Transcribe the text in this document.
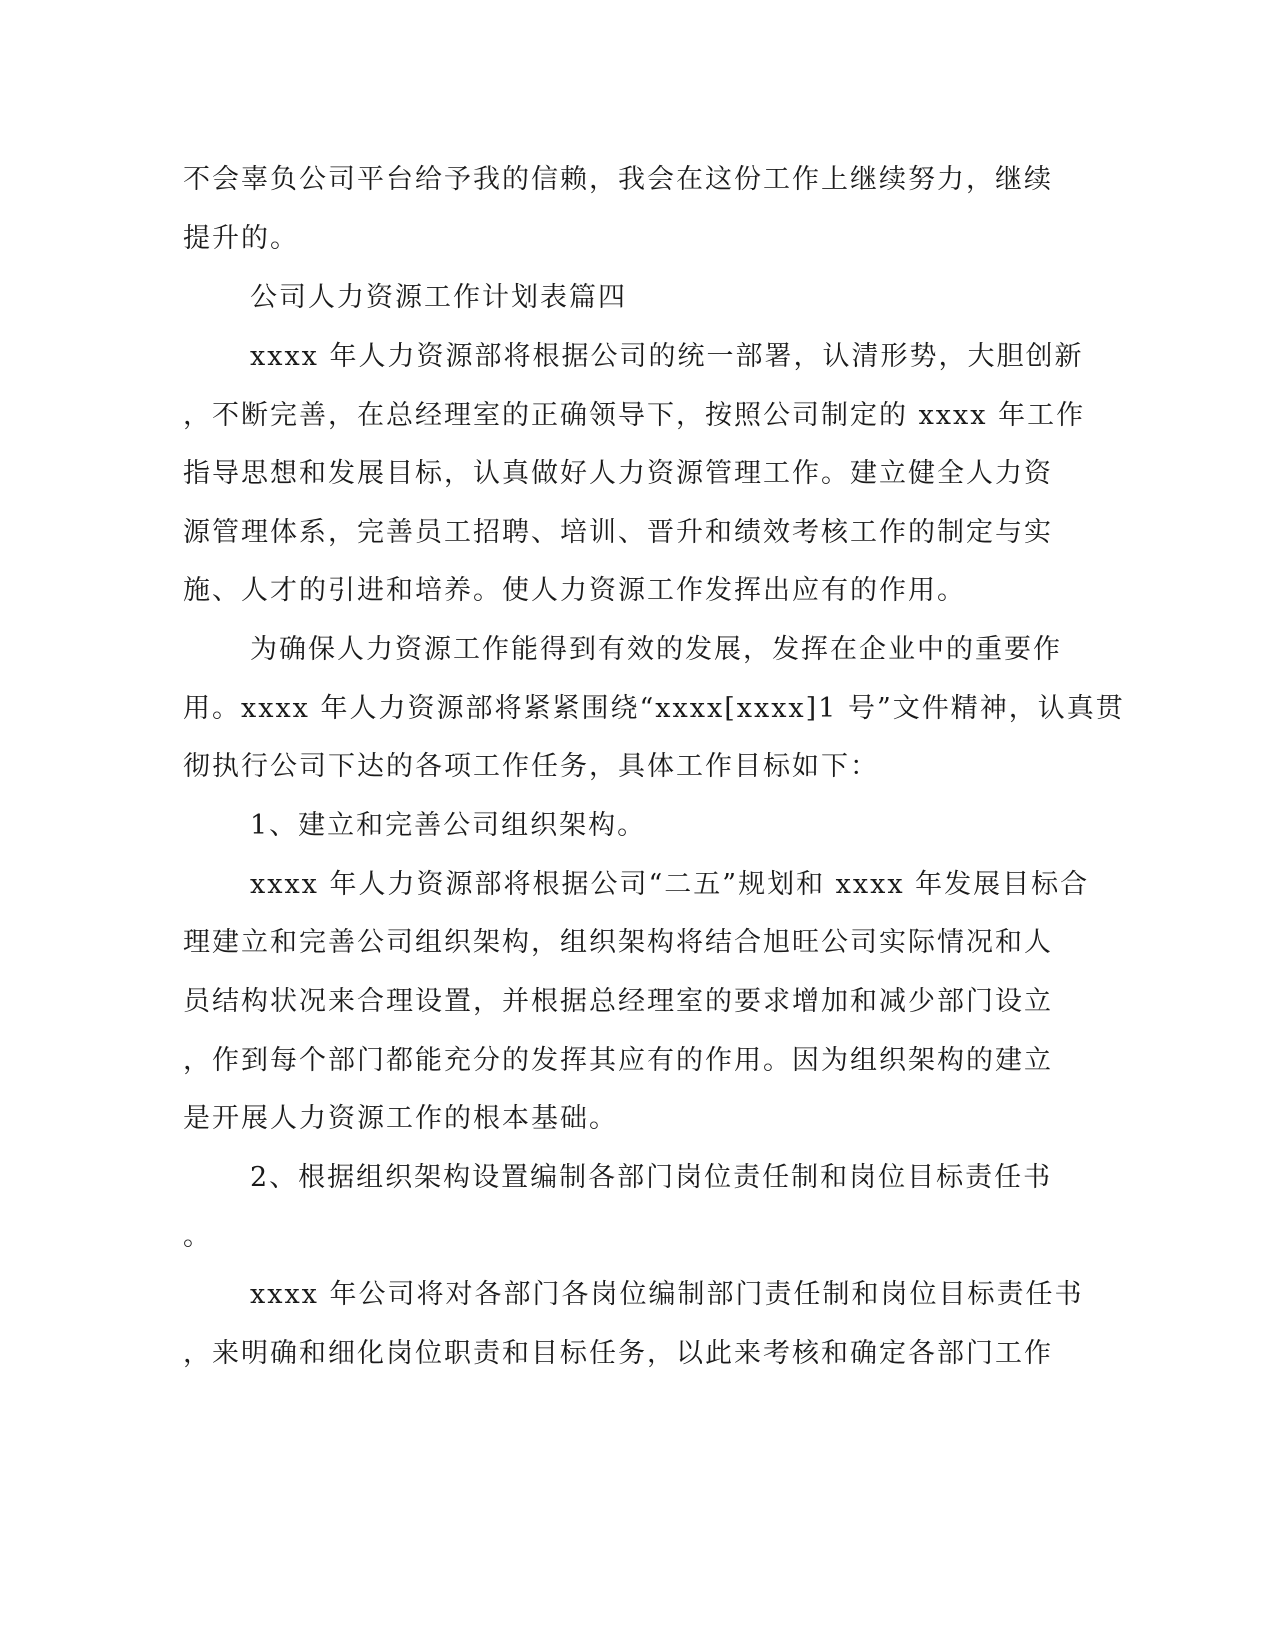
不会辜负公司平台给予我的信赖，我会在这份工作上继续努力，继续
提升的。
公司人力资源工作计划表篇四
xxxx 年人力资源部将根据公司的统一部署，认清形势，大胆创新
，不断完善，在总经理室的正确领导下，按照公司制定的 xxxx 年工作
指导思想和发展目标，认真做好人力资源管理工作。建立健全人力资
源管理体系，完善员工招聘、培训、晋升和绩效考核工作的制定与实
施、人才的引进和培养。使人力资源工作发挥出应有的作用。
为确保人力资源工作能得到有效的发展，发挥在企业中的重要作
用。xxxx 年人力资源部将紧紧围绕“xxxx[xxxx]1 号”文件精神，认真贯
彻执行公司下达的各项工作任务，具体工作目标如下：
1、建立和完善公司组织架构。
xxxx 年人力资源部将根据公司“二五”规划和 xxxx 年发展目标合
理建立和完善公司组织架构，组织架构将结合旭旺公司实际情况和人
员结构状况来合理设置，并根据总经理室的要求增加和减少部门设立
，作到每个部门都能充分的发挥其应有的作用。因为组织架构的建立
是开展人力资源工作的根本基础。
2、根据组织架构设置编制各部门岗位责任制和岗位目标责任书
。
xxxx 年公司将对各部门各岗位编制部门责任制和岗位目标责任书
，来明确和细化岗位职责和目标任务，以此来考核和确定各部门工作
